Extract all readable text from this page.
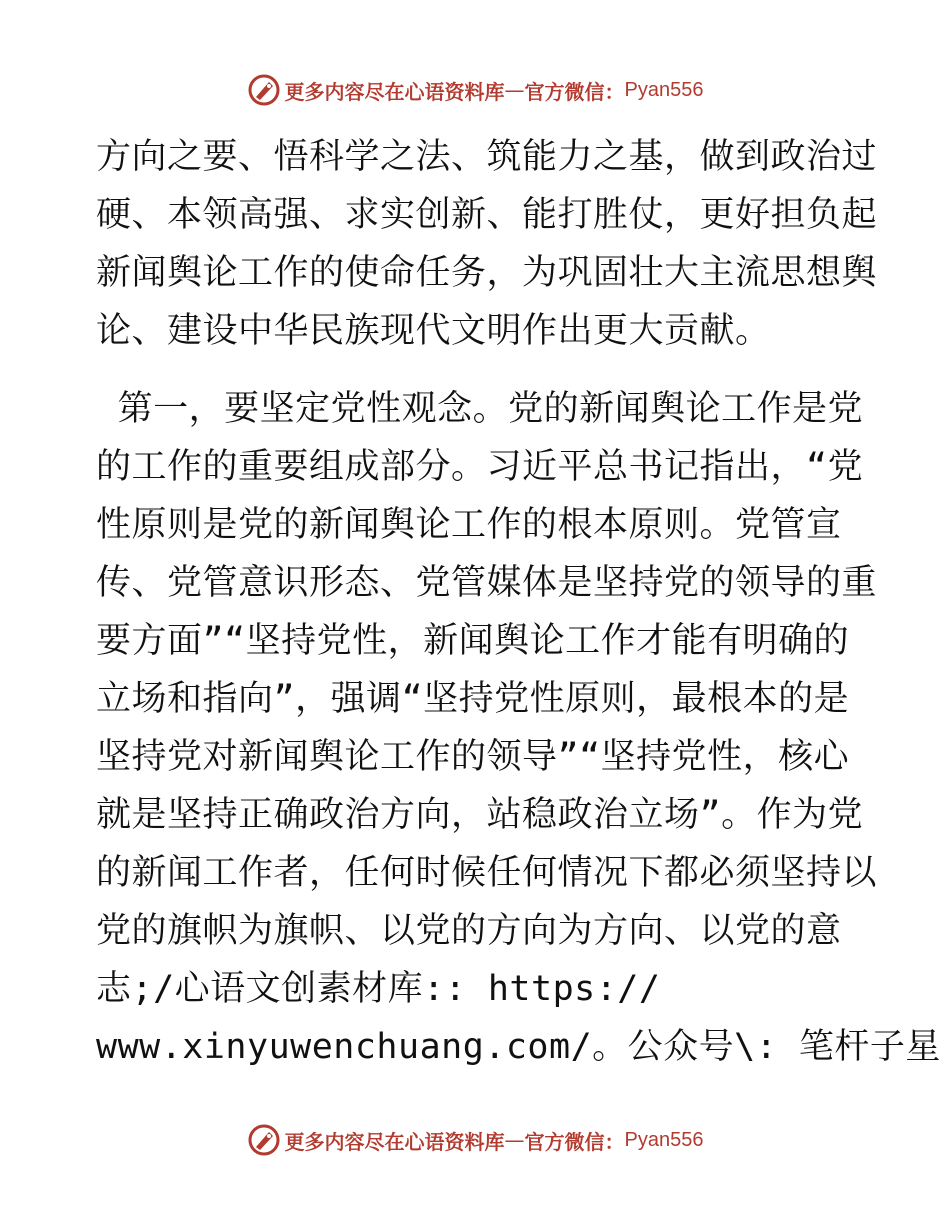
更多内容尽在心语资料库 — 官方微信： Pyan556
方向之要、悟科学之法、筑能力之基，做到政治过
硬、本领高强、求实创新、能打胜仗，更好担负起
新闻舆论工作的使命任务，为巩固壮大主流思想舆
论、建设中华民族现代文明作出更大贡献。
第一，要坚定党性观念。党的新闻舆论工作是党
的工作的重要组成部分。习近平总书记指出，“党
性原则是党的新闻舆论工作的根本原则。党管宣
传、党管意识形态、党管媒体是坚持党的领导的重
要方面”“坚持党性，新闻舆论工作才能有明确的
立场和指向”，强调“坚持党性原则，最根本的是
坚持党对新闻舆论工作的领导”“坚持党性，核心
就是坚持正确政治方向，站稳政治立场”。作为党
的新闻工作者，任何时候任何情况下都必须坚持以
党的旗帜为旗帜、以党的方向为方向、以党的意
志;/心语文创素材库:: https://
www.xinyuwenchuang.com/。公众号\: 笔杆子星
更多内容尽在心语资料库 — 官方微信： Pyan556
